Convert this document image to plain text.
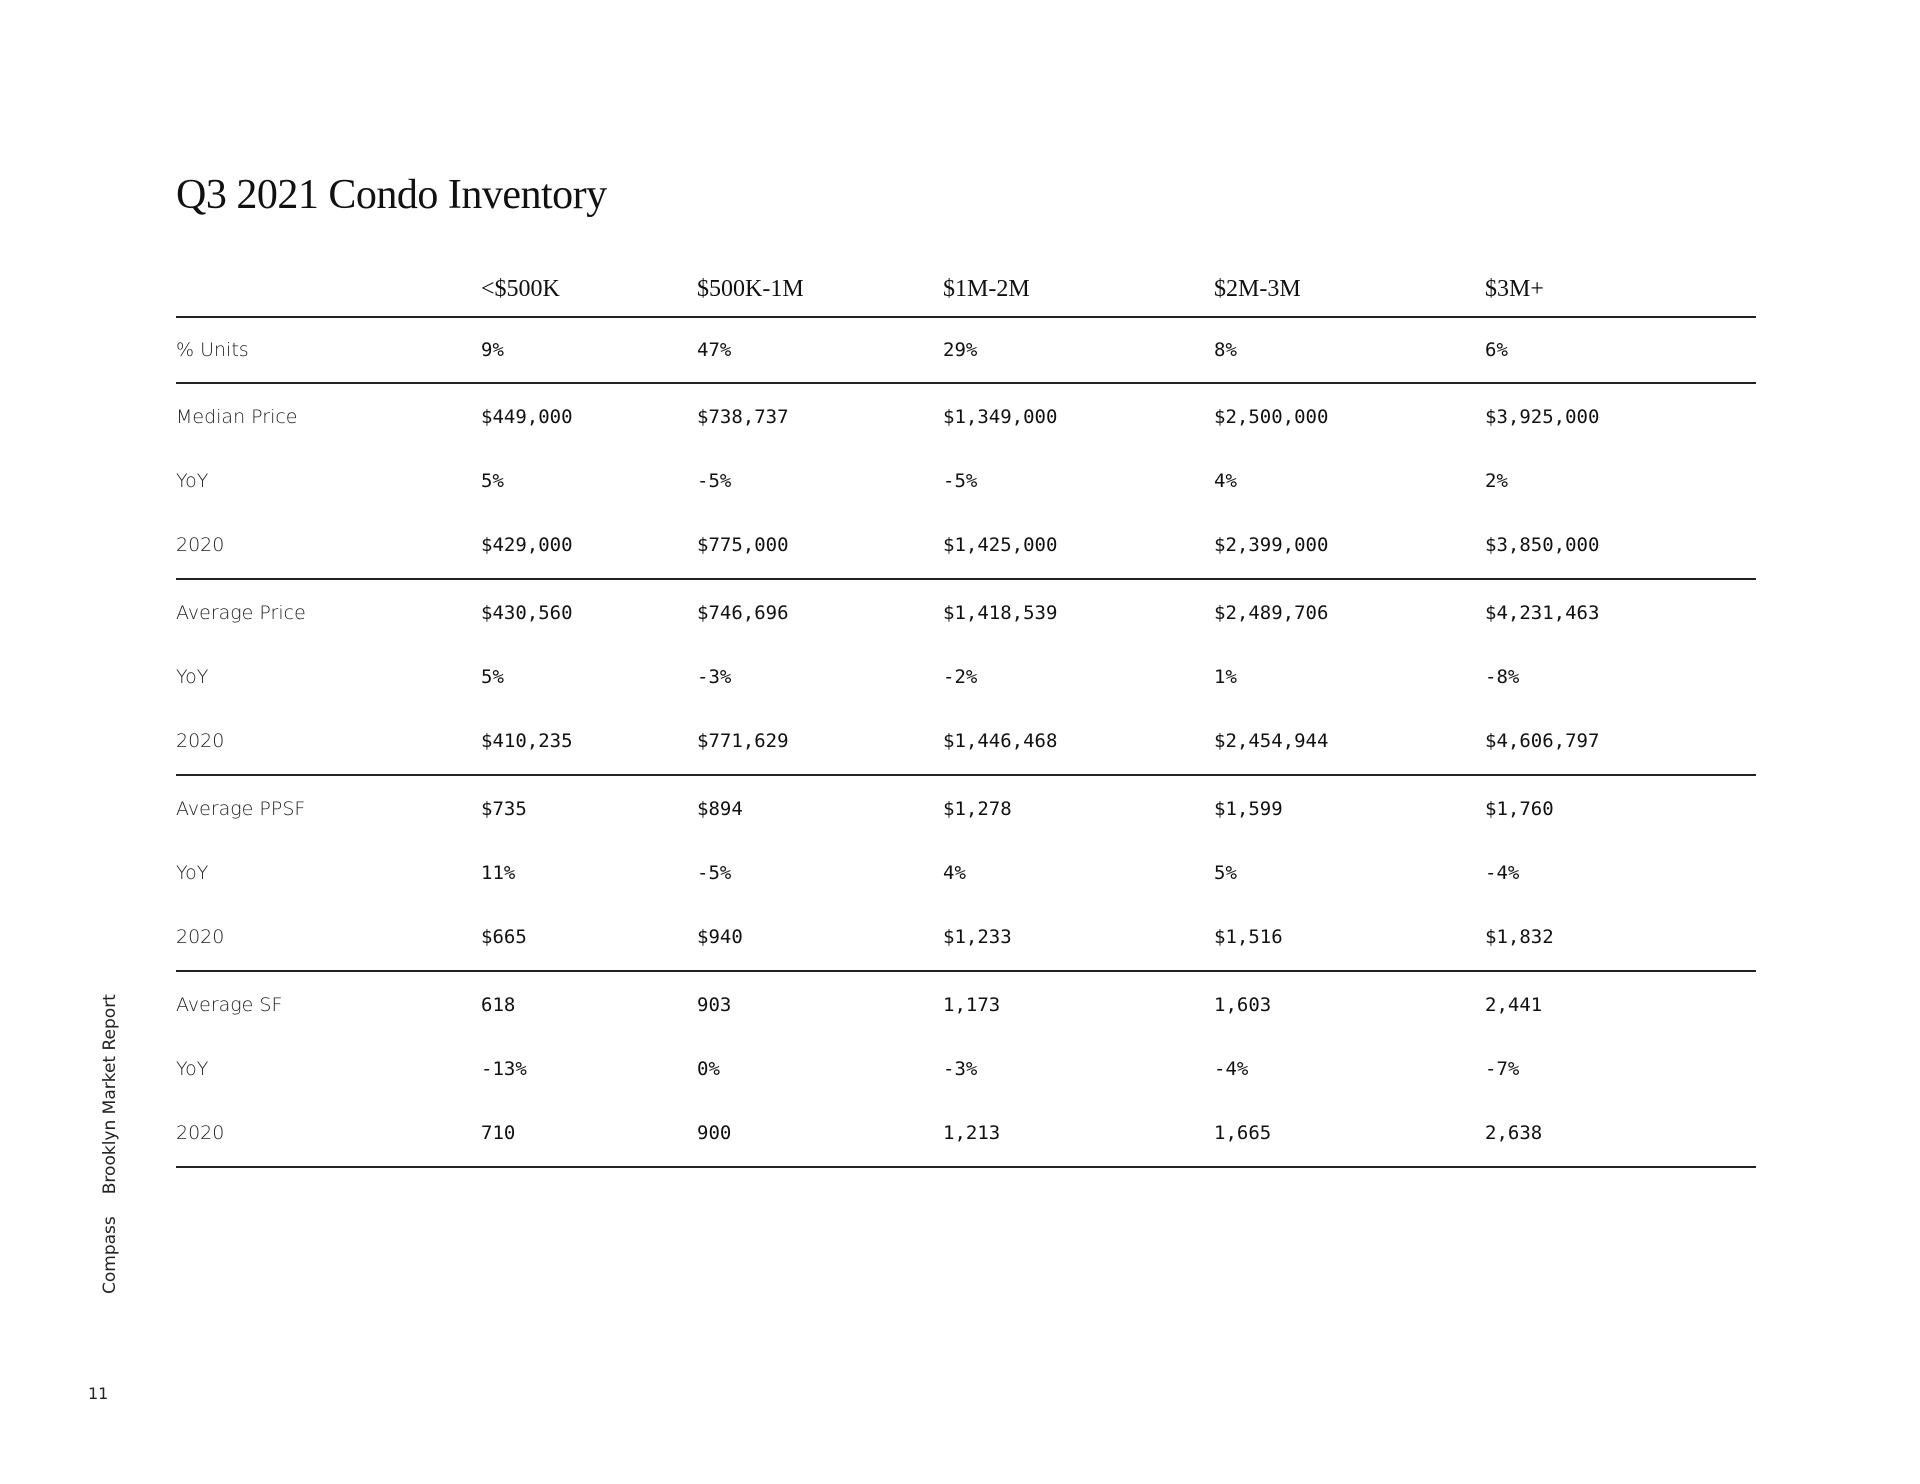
Q3 2021 Condo Inventory
<$500K	$500K-1M	$1M-2M	$2M-3M	$3M+
% Units	9%	47%	29%	8%	6%
Median Price	$449,000	$738,737	$1,349,000	$2,500,000	$3,925,000
YoY	5%	-5%	-5%	4%	2%
2020	$429,000	$775,000	$1,425,000	$2,399,000	$3,850,000
Average Price	$430,560	$746,696	$1,418,539	$2,489,706	$4,231,463
YoY	5%	-3%	-2%	1%	-8%
2020	$410,235	$771,629	$1,446,468	$2,454,944	$4,606,797
Average PPSF	$735	$894	$1,278	$1,599	$1,760
YoY	11%	-5%	4%	5%	-4%
2020	$665	$940	$1,233	$1,516	$1,832
Average SF	618	903	1,173	1,603	2,441
YoY	-13%	0%	-3%	-4%	-7%
2020	710	900	1,213	1,665	2,638
CompassBrooklyn Market Report
11
